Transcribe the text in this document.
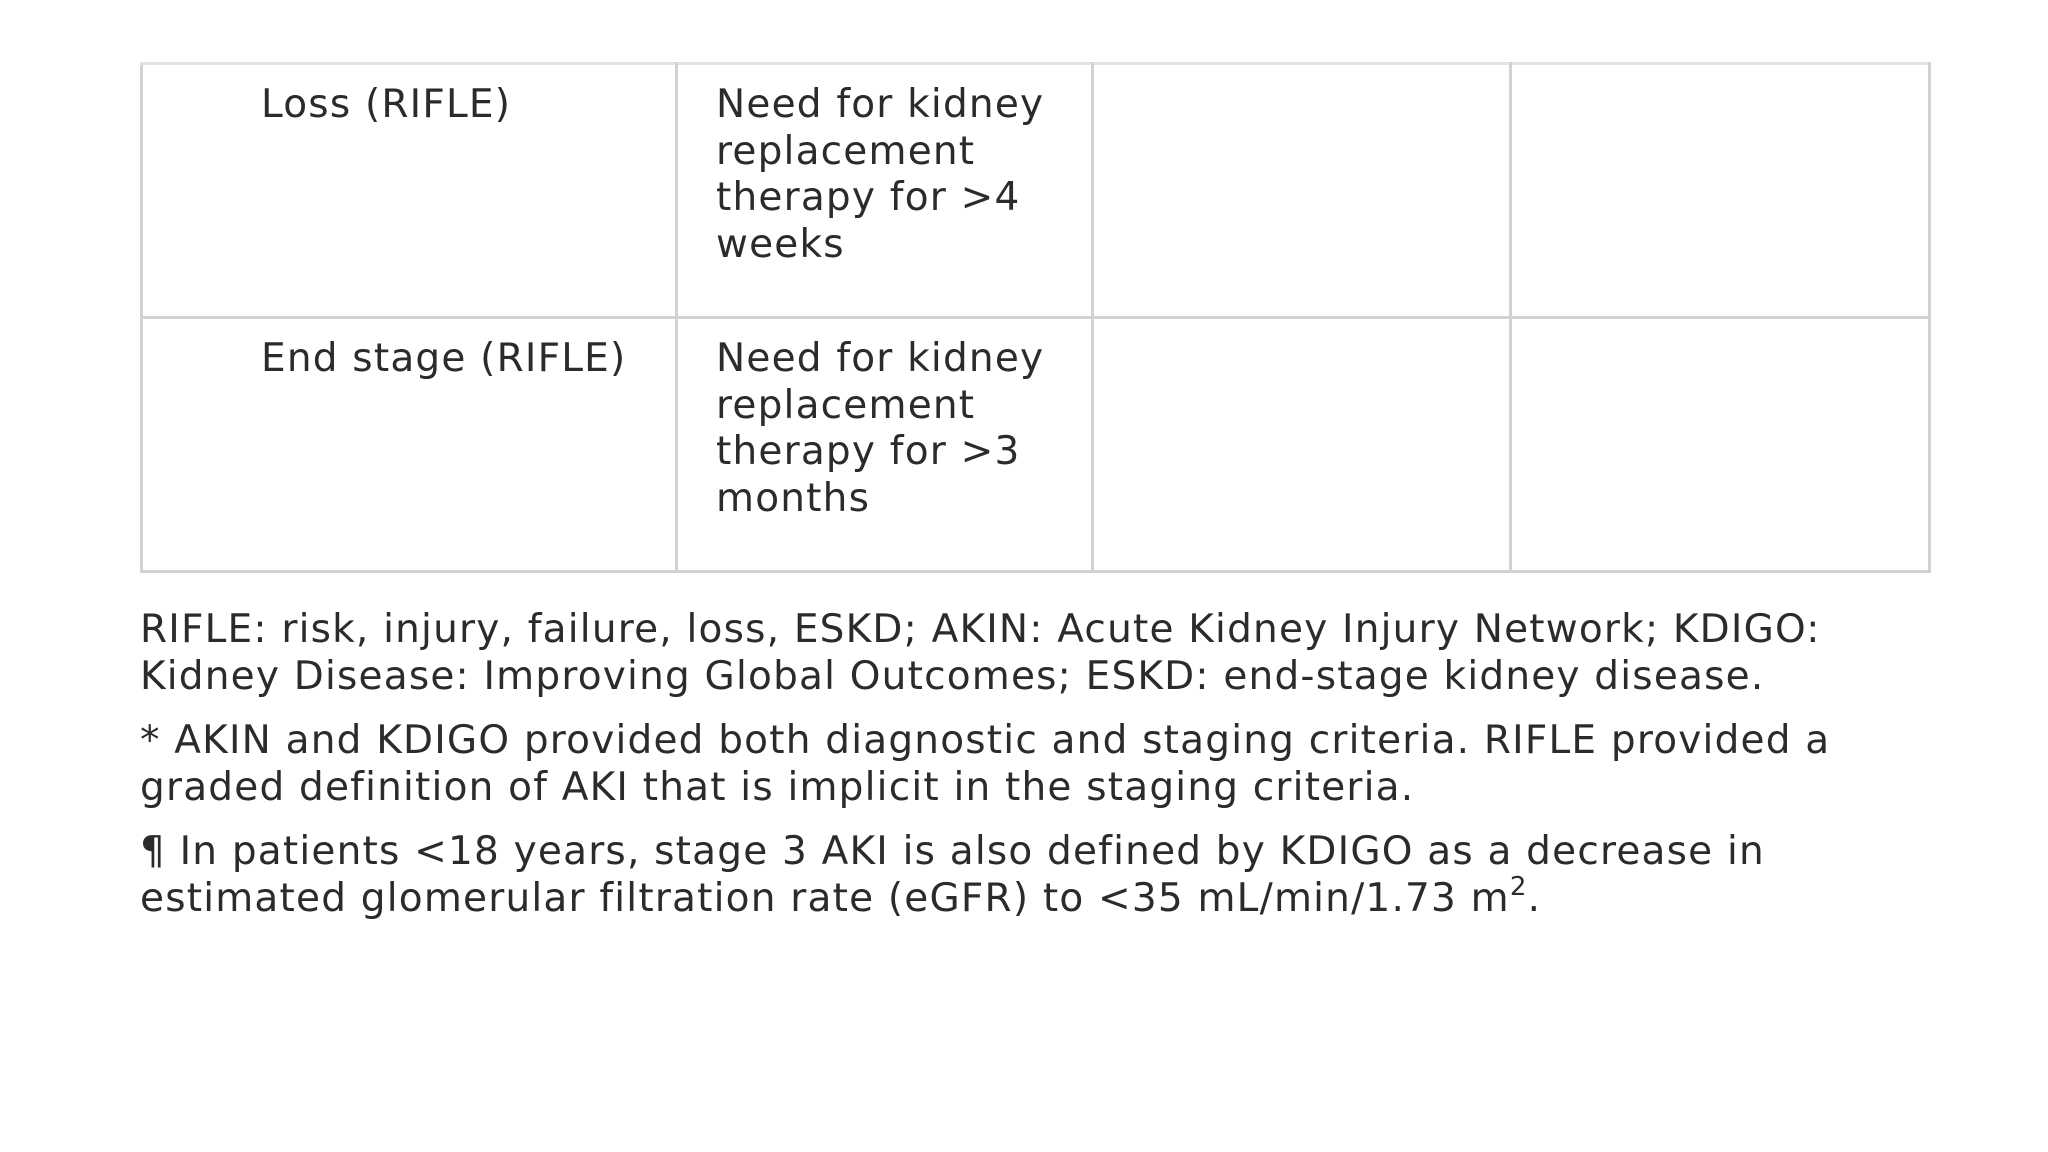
Loss (RIFLE)	Need for kidney replacement therapy for >4 weeks		
End stage (RIFLE)	Need for kidney replacement therapy for >3 months		

RIFLE: risk, injury, failure, loss, ESKD; AKIN: Acute Kidney Injury Network; KDIGO: Kidney Disease: Improving Global Outcomes; ESKD: end-stage kidney disease.

* AKIN and KDIGO provided both diagnostic and staging criteria. RIFLE provided a graded definition of AKI that is implicit in the staging criteria.

¶ In patients <18 years, stage 3 AKI is also defined by KDIGO as a decrease in estimated glomerular filtration rate (eGFR) to <35 mL/min/1.73 $m^2$.
